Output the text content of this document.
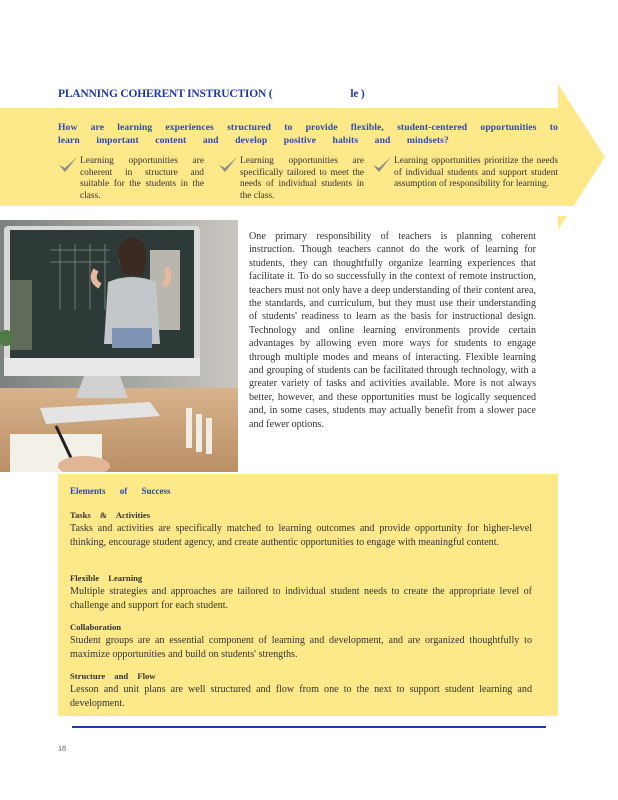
PLANNING COHERENT INSTRUCTION (	le )
How are learning experiences structured to provide flexible, student-centered opportunities to
learn important content and develop positive habits and mindsets?
Learning opportunities are coherent in structure and suitable for the students in the class.
Learning opportunities are specifically tailored to meet the needs of individual students in the class.
Learning opportunities prioritize the needs of individual students and support student assumption of responsibility for learning.
One primary responsibility of teachers is planning coherent instruction. Though teachers cannot do the work of learning for students, they can thoughtfully organize learning experiences that facilitate it. To do so successfully in the context of remote instruction, teachers must not only have a deep understanding of their content area, the standards, and curriculum, but they must use their understanding of students' readiness to learn as the basis for instructional design. Technology and online learning environments provide certain advantages by allowing even more ways for students to engage through multiple modes and means of interacting. Flexible learning and grouping of students can be facilitated through technology, with a greater variety of tasks and activities available. More is not always better, however, and these opportunities must be logically sequenced and, in some cases, students may actually benefit from a slower pace and fewer options.
Elements of Success
Tasks & Activities
Tasks and activities are specifically matched to learning outcomes and provide opportunity for higher-level thinking, encourage student agency, and create authentic opportunities to engage with meaningful content.
Flexible Learning
Multiple strategies and approaches are tailored to individual student needs to create the appropriate level of challenge and support for each student.
Collaboration
Student groups are an essential component of learning and development, and are organized thoughtfully to maximize opportunities and build on students' strengths.
Structure and Flow
Lesson and unit plans are well structured and flow from one to the next to support student learning and development.
18
